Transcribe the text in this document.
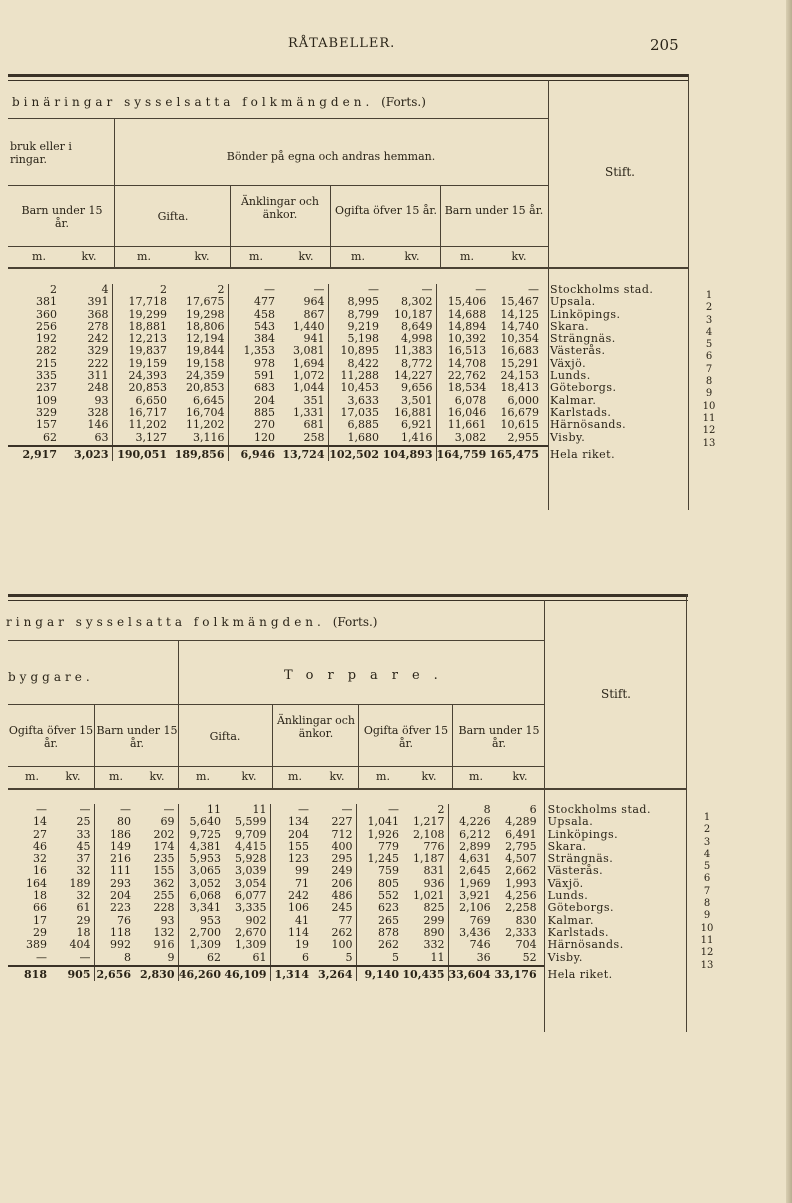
RÅTABELLER.	205
binäringar sysselsatta folkmängden. (Forts.)
bruk eller i ringar.	Bönder på egna och andras hemman.
Stift.
Barn under 15 år.
Gifta.
Änklingar och änkor.	Ogifta öfver 15 år. Barn under 15 år.
m.	kv.	m.	kv.	m.	kv.	m.	kv.	m.	kv.
2	4	2	2	—	—	—	—	—	—	Stockholms stad.
381	391	17,718	17,675	477	964	8,995	8,302	15,406	15,467	Upsala.
360	368	19,299	19,298	458	867	8,799	10,187	14,688	14,125	Linköpings.
256	278	18,881	18,806	543	1,440	9,219	8,649	14,894	14,740	Skara.
192	242	12,213	12,194	384	941	5,198	4,998	10,392	10,354	Strängnäs.
282	329	19,837	19,844	1,353	3,081	10,895	11,383	16,513	16,683	Västerås.
215	222	19,159	19,158	978	1,694	8,422	8,772	14,708	15,291	Växjö.
335	311	24,393	24,359	591	1,072	11,288	14,227	22,762	24,153	Lunds.
237	248	20,853	20,853	683	1,044	10,453	9,656	18,534	18,413	Göteborgs.
109	93	6,650	6,645	204	351	3,633	3,501	6,078	6,000	Kalmar.
329	328	16,717	16,704	885	1,331	17,035	16,881	16,046	16,679	Karlstads.
157	146	11,202	11,202	270	681	6,885	6,921	11,661	10,615	Härnösands.
62	63	3,127	3,116	120	258	1,680	1,416	3,082	2,955	Visby.
2,917	3,023	190,051	189,856	6,946	13,724	102,502	104,893	164,759	165,475	Hela riket.
1
2
3
4
5
6
7
8
9
10
11
12
13
ringar sysselsatta folkmängden. (Forts.)
byggare.	Torpare.
Stift.
Ogifta öfver 15 år.
Barn under 15 år.
Gifta.
Änklingar och änkor.	Ogifta öfver 15 år.
Barn under 15 år.
m.	kv.	m.	kv.	m.	kv.	m.	kv.	m.	kv.	m.	kv.
—	—	—	—	11	11	—	—	—	2	8	6	Stockholms stad.
14	25	80	69	5,640	5,599	134	227	1,041	1,217	4,226	4,289	Upsala.
27	33	186	202	9,725	9,709	204	712	1,926	2,108	6,212	6,491	Linköpings.
46	45	149	174	4,381	4,415	155	400	779	776	2,899	2,795	Skara.
32	37	216	235	5,953	5,928	123	295	1,245	1,187	4,631	4,507	Strängnäs.
16	32	111	155	3,065	3,039	99	249	759	831	2,645	2,662	Västerås.
164	189	293	362	3,052	3,054	71	206	805	936	1,969	1,993	Växjö.
18	32	204	255	6,068	6,077	242	486	552	1,021	3,921	4,256	Lunds.
66	61	223	228	3,341	3,335	106	245	623	825	2,106	2,258	Göteborgs.
17	29	76	93	953	902	41	77	265	299	769	830	Kalmar.
29	18	118	132	2,700	2,670	114	262	878	890	3,436	2,333	Karlstads.
389	404	992	916	1,309	1,309	19	100	262	332	746	704	Härnösands.
—	—	8	9	62	61	6	5	5	11	36	52	Visby.
818	905	2,656	2,830	46,260	46,109	1,314	3,264	9,140	10,435	33,604	33,176	Hela riket.
1
2
3
4
5
6
7
8
9
10
11
12
13
